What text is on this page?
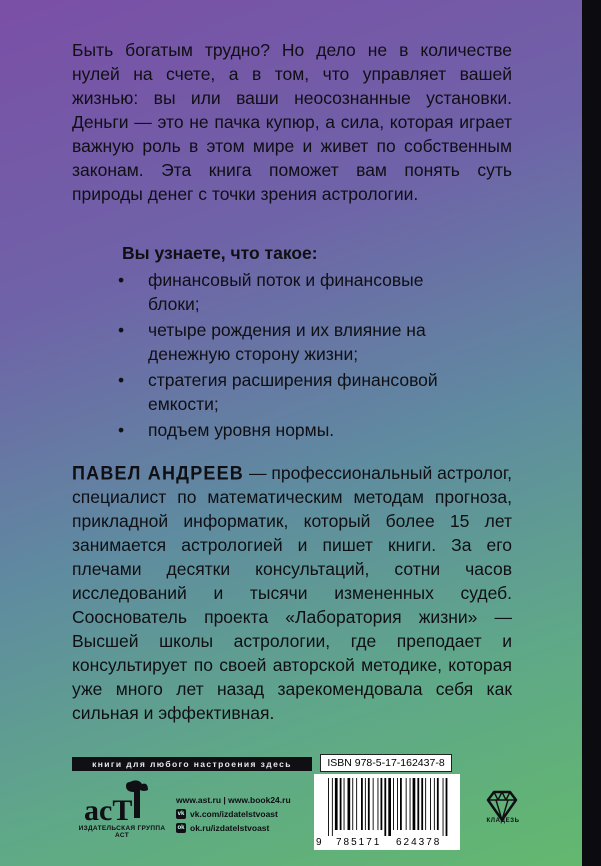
Быть богатым трудно? Но дело не в количестве нулей на счете, а в том, что управляет вашей жизнью: вы или ваши неосознанные установки. Деньги — это не пачка купюр, а сила, которая играет важную роль в этом мире и живет по собственным законам. Эта книга поможет вам понять суть природы денег с точки зрения астрологии.
Вы узнаете, что такое:
• финансовый поток и финансовые блоки;
• четыре рождения и их влияние на денежную сторону жизни;
• стратегия расширения финансовой емкости;
• подъем уровня нормы.
ПАВЕЛ АНДРЕЕВ — профессиональный астролог, специалист по математическим методам прогноза, прикладной информатик, который более 15 лет занимается астрологией и пишет книги. За его плечами десятки консультаций, сотни часов исследований и тысячи измененных судеб. Сооснователь проекта «Лаборатория жизни» — Высшей школы астрологии, где преподает и консультирует по своей авторской методике, которая уже много лет назад зарекомендовала себя как сильная и эффективная.
книги для любого настроения здесь
acT
ИЗДАТЕЛЬСКАЯ ГРУППА АСТ
www.ast.ru | www.book24.ru
vk vk.com/izdatelstvoast
ok ok.ru/izdatelstvoast
ISBN 978-5-17-162437-8
9 785171 624378
КЛАДЕЗЬ
